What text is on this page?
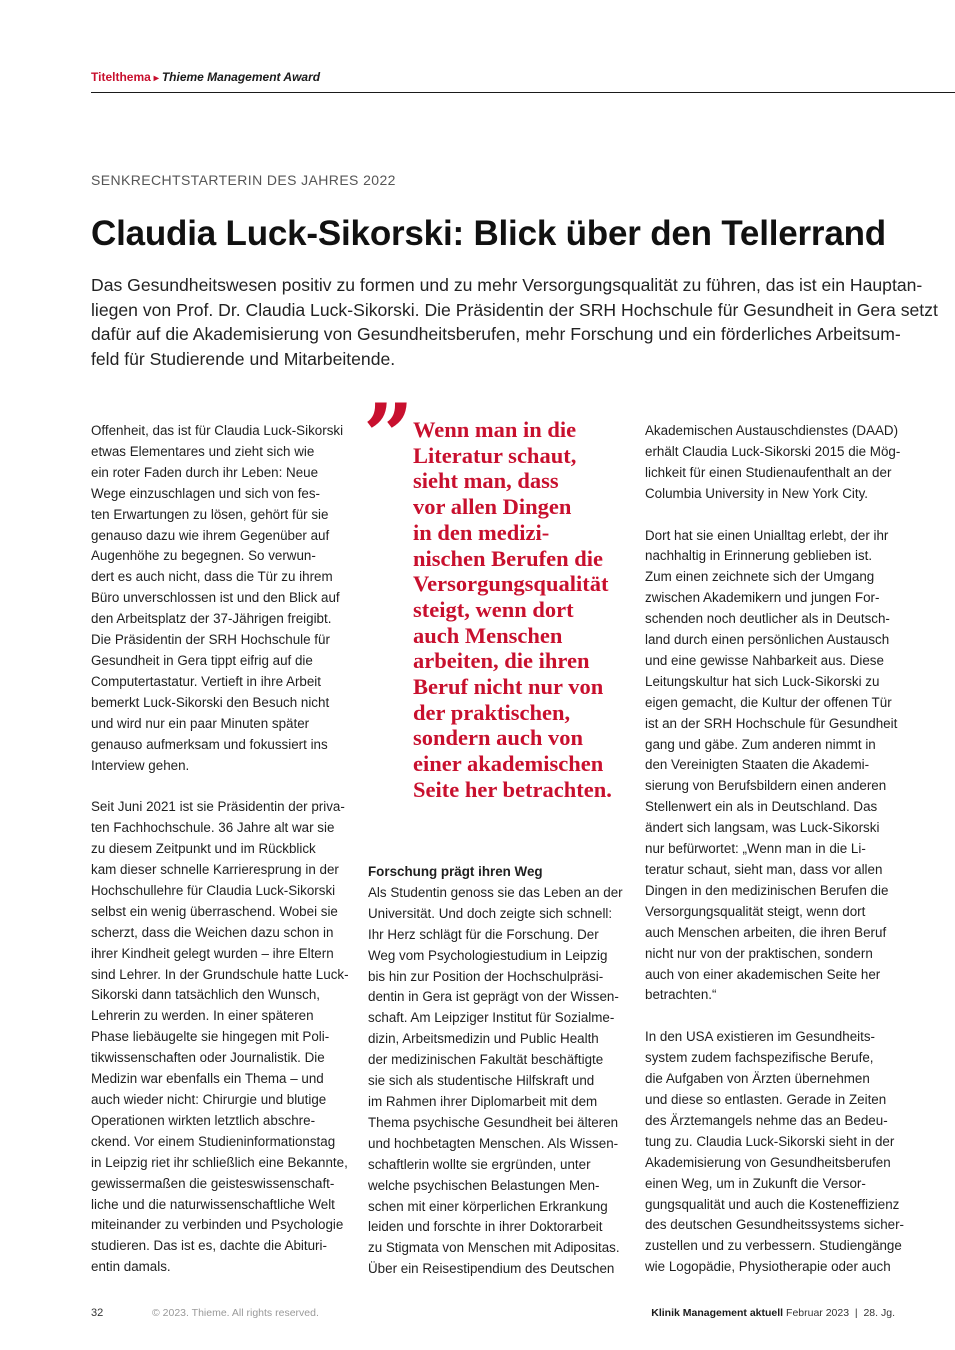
Titelthema ▸ Thieme Management Award
SENKRECHTSTARTERIN DES JAHRES 2022
Claudia Luck-Sikorski: Blick über den Tellerrand
Das Gesundheitswesen positiv zu formen und zu mehr Versorgungsqualität zu führen, das ist ein Hauptan-
liegen von Prof. Dr. Claudia Luck-Sikorski. Die Präsidentin der SRH Hochschule für Gesundheit in Gera setzt
dafür auf die Akademisierung von Gesundheitsberufen, mehr Forschung und ein förderliches Arbeitsum-
feld für Studierende und Mitarbeitende.
Offenheit, das ist für Claudia Luck-Sikorski
etwas Elementares und zieht sich wie
ein roter Faden durch ihr Leben: Neue
Wege einzuschlagen und sich von fes-
ten Erwartungen zu lösen, gehört für sie
genauso dazu wie ihrem Gegenüber auf
Augenhöhe zu begegnen. So verwun-
dert es auch nicht, dass die Tür zu ihrem
Büro unverschlossen ist und den Blick auf
den Arbeitsplatz der 37-Jährigen freigibt.
Die Präsidentin der SRH Hochschule für
Gesundheit in Gera tippt eifrig auf die
Computertastatur. Vertieft in ihre Arbeit
bemerkt Luck-Sikorski den Besuch nicht
und wird nur ein paar Minuten später
genauso aufmerksam und fokussiert ins
Interview gehen.
Seit Juni 2021 ist sie Präsidentin der priva-
ten Fachhochschule. 36 Jahre alt war sie
zu diesem Zeitpunkt und im Rückblick
kam dieser schnelle Karrieresprung in der
Hochschullehre für Claudia Luck-Sikorski
selbst ein wenig überraschend. Wobei sie
scherzt, dass die Weichen dazu schon in
ihrer Kindheit gelegt wurden – ihre Eltern
sind Lehrer. In der Grundschule hatte Luck-
Sikorski dann tatsächlich den Wunsch,
Lehrerin zu werden. In einer späteren
Phase liebäugelte sie hingegen mit Poli-
tikwissenschaften oder Journalistik. Die
Medizin war ebenfalls ein Thema – und
auch wieder nicht: Chirurgie und blutige
Operationen wirkten letztlich abschre-
ckend. Vor einem Studieninformationstag
in Leipzig riet ihr schließlich eine Bekannte,
gewissermaßen die geisteswissenschaft-
liche und die naturwissenschaftliche Welt
miteinander zu verbinden und Psychologie
studieren. Das ist es, dachte die Abituri-
entin damals.
” Wenn man in die
Literatur schaut,
sieht man, dass
vor allen Dingen
in den medizi-
nischen Berufen die
Versorgungsqualität
steigt, wenn dort
auch Menschen
arbeiten, die ihren
Beruf nicht nur von
der praktischen,
sondern auch von
einer akademischen
Seite her betrachten.
Forschung prägt ihren Weg
Als Studentin genoss sie das Leben an der
Universität. Und doch zeigte sich schnell:
Ihr Herz schlägt für die Forschung. Der
Weg vom Psychologiestudium in Leipzig
bis hin zur Position der Hochschulpräsi-
dentin in Gera ist geprägt von der Wissen-
schaft. Am Leipziger Institut für Sozialme-
dizin, Arbeitsmedizin und Public Health
der medizinischen Fakultät beschäftigte
sie sich als studentische Hilfskraft und
im Rahmen ihrer Diplomarbeit mit dem
Thema psychische Gesundheit bei älteren
und hochbetagten Menschen. Als Wissen-
schaftlerin wollte sie ergründen, unter
welche psychischen Belastungen Men-
schen mit einer körperlichen Erkrankung
leiden und forschte in ihrer Doktorarbeit
zu Stigmata von Menschen mit Adipositas.
Über ein Reisestipendium des Deutschen
Akademischen Austauschdienstes (DAAD)
erhält Claudia Luck-Sikorski 2015 die Mög-
lichkeit für einen Studienaufenthalt an der
Columbia University in New York City.
Dort hat sie einen Unialltag erlebt, der ihr
nachhaltig in Erinnerung geblieben ist.
Zum einen zeichnete sich der Umgang
zwischen Akademikern und jungen For-
schenden noch deutlicher als in Deutsch-
land durch einen persönlichen Austausch
und eine gewisse Nahbarkeit aus. Diese
Leitungskultur hat sich Luck-Sikorski zu
eigen gemacht, die Kultur der offenen Tür
ist an der SRH Hochschule für Gesundheit
gang und gäbe. Zum anderen nimmt in
den Vereinigten Staaten die Akademi-
sierung von Berufsbildern einen anderen
Stellenwert ein als in Deutschland. Das
ändert sich langsam, was Luck-Sikorski
nur befürwortet: „Wenn man in die Li-
teratur schaut, sieht man, dass vor allen
Dingen in den medizinischen Berufen die
Versorgungsqualität steigt, wenn dort
auch Menschen arbeiten, die ihren Beruf
nicht nur von der praktischen, sondern
auch von einer akademischen Seite her
betrachten.“
In den USA existieren im Gesundheits-
system zudem fachspezifische Berufe,
die Aufgaben von Ärzten übernehmen
und diese so entlasten. Gerade in Zeiten
des Ärztemangels nehme das an Bedeu-
tung zu. Claudia Luck-Sikorski sieht in der
Akademisierung von Gesundheitsberufen
einen Weg, um in Zukunft die Versor-
gungsqualität und auch die Kosteneffizienz
des deutschen Gesundheitssystems sicher-
zustellen und zu verbessern. Studiengänge
wie Logopädie, Physiotherapie oder auch
32	© 2023. Thieme. All rights reserved.	Klinik Management aktuell Februar 2023  |  28. Jg.
